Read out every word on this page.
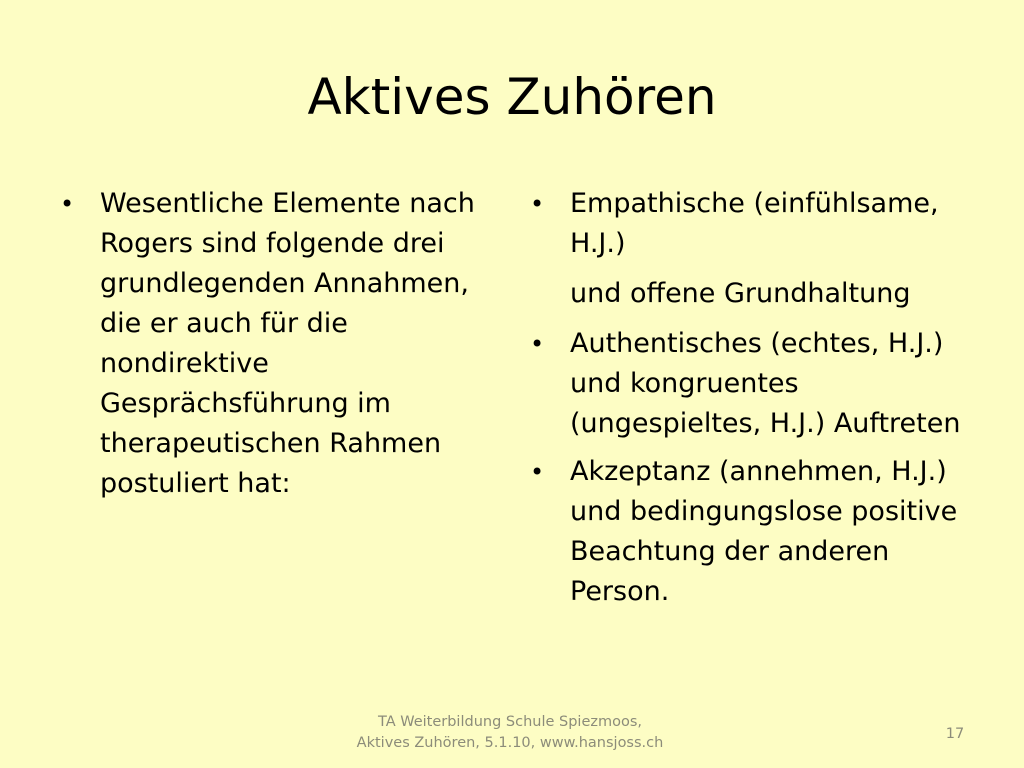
Aktives Zuhören
• Wesentliche Elemente nach Rogers sind folgende drei grundlegenden Annahmen, die er auch für die nondirektive Gesprächsführung im therapeutischen Rahmen postuliert hat:
• Empathische (einfühlsame, H.J.)

und offene Grundhaltung

• Authentisches (echtes, H.J.) und kongruentes (ungespieltes, H.J.) Auftreten
• Akzeptanz (annehmen, H.J.) und bedingungslose positive Beachtung der anderen Person.
TA Weiterbildung Schule Spiezmoos,
Aktives Zuhören, 5.1.10, www.hansjoss.ch
17
